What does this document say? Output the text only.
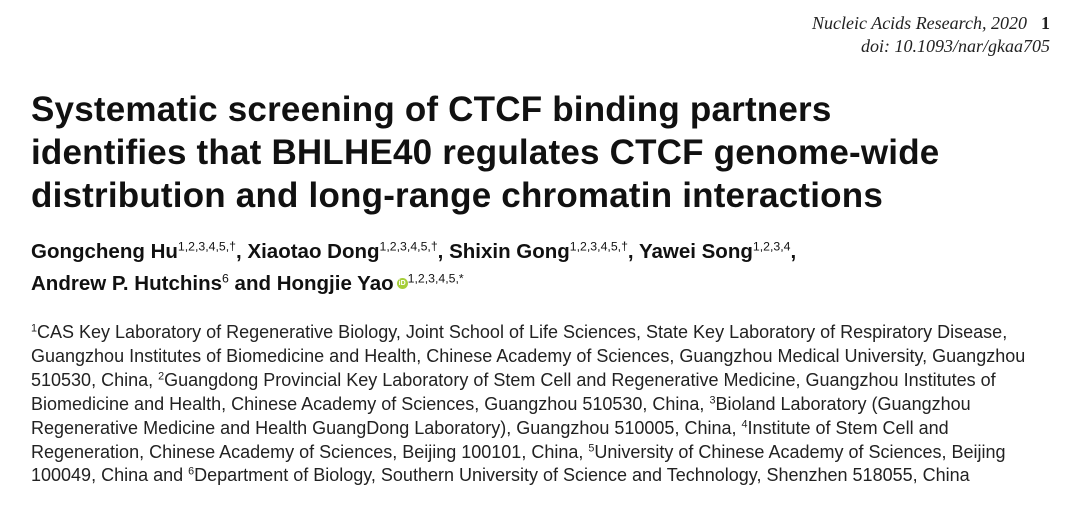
Nucleic Acids Research, 2020 1
doi: 10.1093/nar/gkaa705
Systematic screening of CTCF binding partners
identifies that BHLHE40 regulates CTCF genome-wide
distribution and long-range chromatin interactions
Gongcheng $Hu^{1,2,3,4,5,\dagger}$, Xiaotao Dong$^{1,2,3,4,5,\dagger}$, Shixin Gong$^{1,2,3,4,5,\dagger}$, Yawei Song$^{1,2,3,4}$,
Andrew P. Hutchins$^6$ and Hongjie Yao iD $^{1,2,3,4,5,*}$

$^1$CAS Key Laboratory of Regenerative Biology, Joint School of Life Sciences, State Key Laboratory of Respiratory Disease, Guangzhou Institutes of Biomedicine and Health, Chinese Academy of Sciences, Guangzhou Medical University, Guangzhou 510530, China, $^2$Guangdong Provincial Key Laboratory of Stem Cell and Regenerative Medicine, Guangzhou Institutes of Biomedicine and Health, Chinese Academy of Sciences, Guangzhou 510530, China, $^3$Bioland Laboratory (Guangzhou Regenerative Medicine and Health GuangDong Laboratory), Guangzhou 510005, China, $^4$Institute of Stem Cell and Regeneration, Chinese Academy of Sciences, Beijing 100101, China, $^5$University of Chinese Academy of Sciences, Beijing 100049, China and $^6$Department of Biology, Southern University of Science and Technology, Shenzhen 518055, China
